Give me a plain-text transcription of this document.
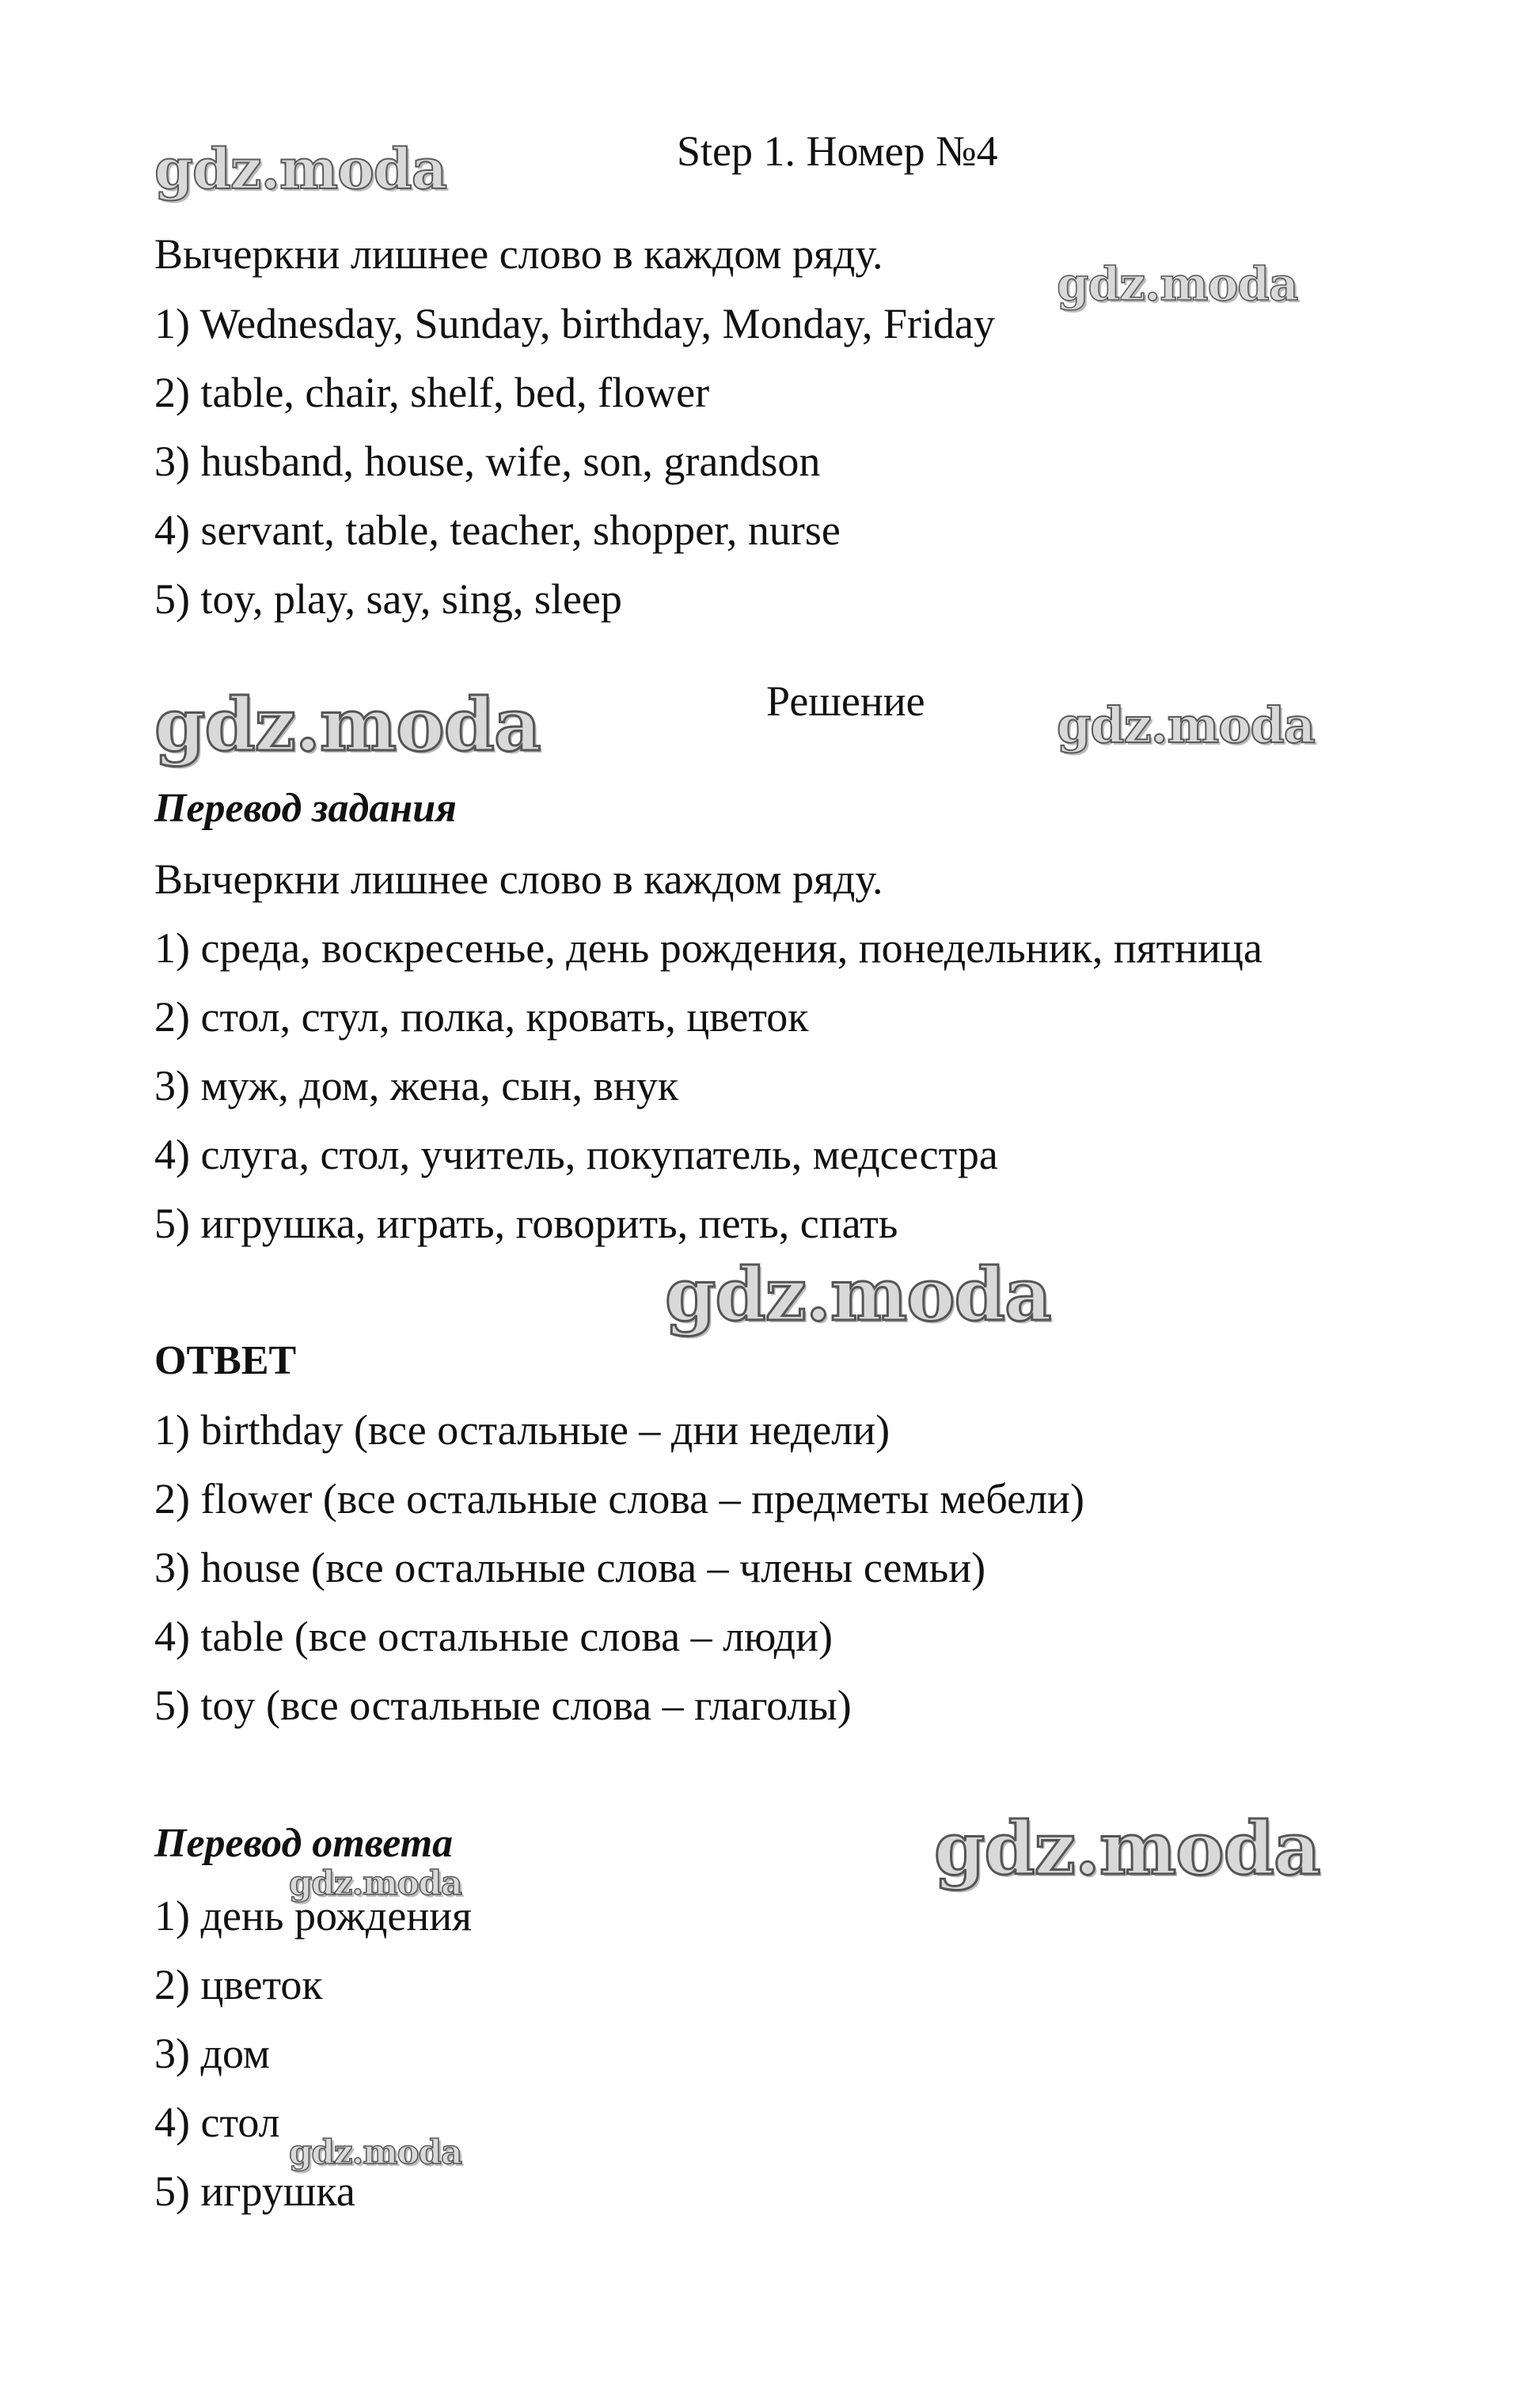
gdz.moda
gdz.moda
gdz.moda	gdz.moda
gdz.moda
gdz.moda
gdz.moda
gdz.moda
Step 1. Номер №4
Вычеркни лишнее слово в каждом ряду.
1) Wednesday, Sunday, birthday, Monday, Friday
2) table, chair, shelf, bed, flower
3) husband, house, wife, son, grandson
4) servant, table, teacher, shopper, nurse
5) toy, play, say, sing, sleep
Решение
Перевод задания
Вычеркни лишнее слово в каждом ряду.
1) среда, воскресенье, день рождения, понедельник, пятница
2) стол, стул, полка, кровать, цветок
3) муж, дом, жена, сын, внук
4) слуга, стол, учитель, покупатель, медсестра
5) игрушка, играть, говорить, петь, спать
ОТВЕТ
1) birthday (все остальные – дни недели)
2) flower (все остальные слова – предметы мебели)
3) house (все остальные слова – члены семьи)
4) table (все остальные слова – люди)
5) toy (все остальные слова – глаголы)
Перевод ответа
1) день рождения
2) цветок
3) дом
4) стол
5) игрушка
